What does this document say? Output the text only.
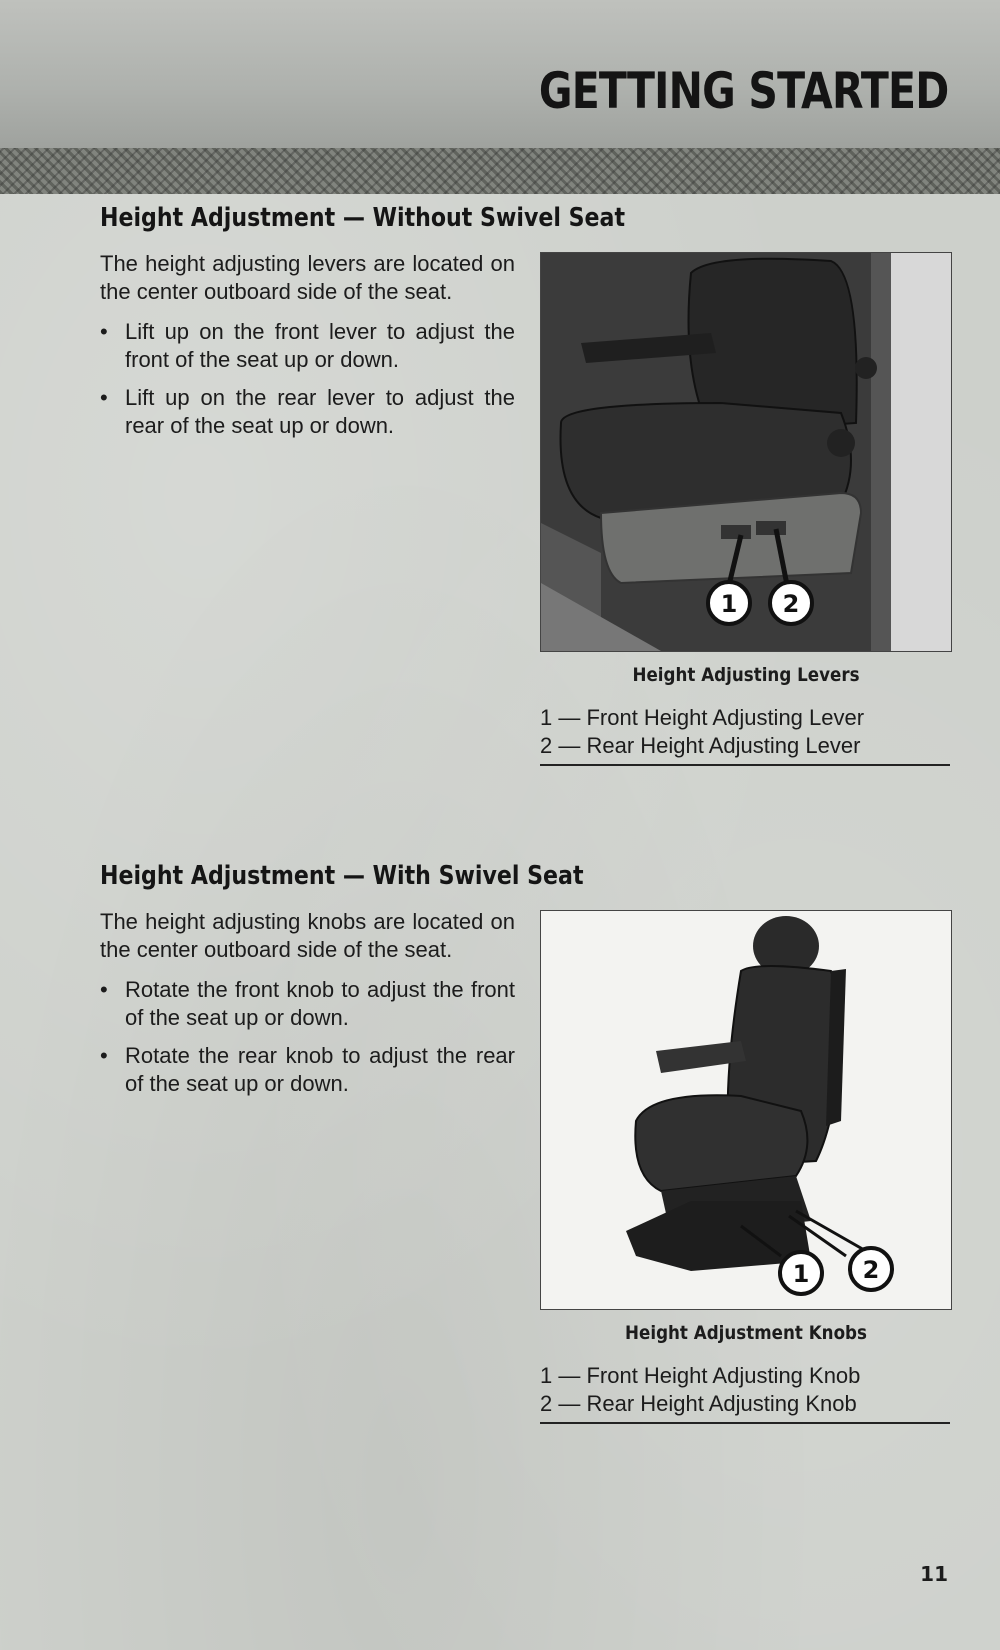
GETTING STARTED
Height Adjustment — Without Swivel Seat

The height adjusting levers are located on the center outboard side of the seat.

• Lift up on the front lever to adjust the front of the seat up or down.
• Lift up on the rear lever to adjust the rear of the seat up or down.
1 2
Height Adjusting Levers
1 — Front Height Adjusting Lever
2 — Rear Height Adjusting Lever
Height Adjustment — With Swivel Seat

The height adjusting knobs are located on the center outboard side of the seat.

• Rotate the front knob to adjust the front of the seat up or down.
• Rotate the rear knob to adjust the rear of the seat up or down.
1 2
Height Adjustment Knobs
1 — Front Height Adjusting Knob
2 — Rear Height Adjusting Knob
11
